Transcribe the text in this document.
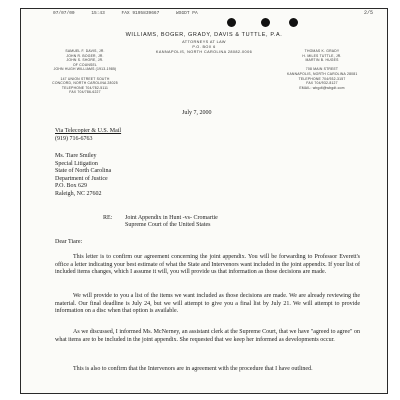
07/07/00	15:43	FAX 9195839667	WSGDT PA	2/5
WILLIAMS, BOGER, GRADY, DAVIS & TUTTLE, P.A.
ATTORNEYS AT LAW
P.O. BOX 6
KANNAPOLIS, NORTH CAROLINA 28082-0006
SAMUEL F. DAVIS, JR.
JOHN R. BOGER, JR.
JOHN S. SHORE, JR.
OF COUNSEL
JOHN HUGH WILLIAMS (1913-1985)

147 UNION STREET SOUTH
CONCORD, NORTH CAROLINA 28025
TELEPHONE 704/782-5111
FAX 704/786-6227
THOMAS K. GRADY
H. MILES TUTTLE, JR.
MARTIN B. HUGES

708 MAIN STREET
KANNAPOLIS, NORTH CAROLINA 28081
TELEPHONE 704/932-3157
FAX 704/932-8127
EMAIL: wbgdt@wbgdt.com
July 7, 2000
Via Telecopier & U.S. Mail
(919) 716-6763
Ms. Tiare Smiley
Special Litigation
State of North Carolina
Department of Justice
P.O. Box 629
Raleigh, NC 27602
RE: Joint Appendix in Hunt -vs- Cromartie
Supreme Court of the United States
Dear Tiare:

This letter is to confirm our agreement concerning the joint appendix. You will be forwarding to Professor Everett's office a letter indicating your best estimate of what the State and Intervenors want included in the joint appendix. If your list of included items changes, which I assume it will, you will provide us that information as those decisions are made.

We will provide to you a list of the items we want included as those decisions are made. We are already reviewing the material. Our final deadline is July 24, but we will attempt to give you a final list by July 21. We will attempt to provide information on a disc when that option is available.

As we discussed, I informed Ms. McNerney, an assistant clerk at the Supreme Court, that we have "agreed to agree" on what items are to be included in the joint appendix. She requested that we keep her informed as developments occur.

This is also to confirm that the Intervenors are in agreement with the procedure that I have outlined.
